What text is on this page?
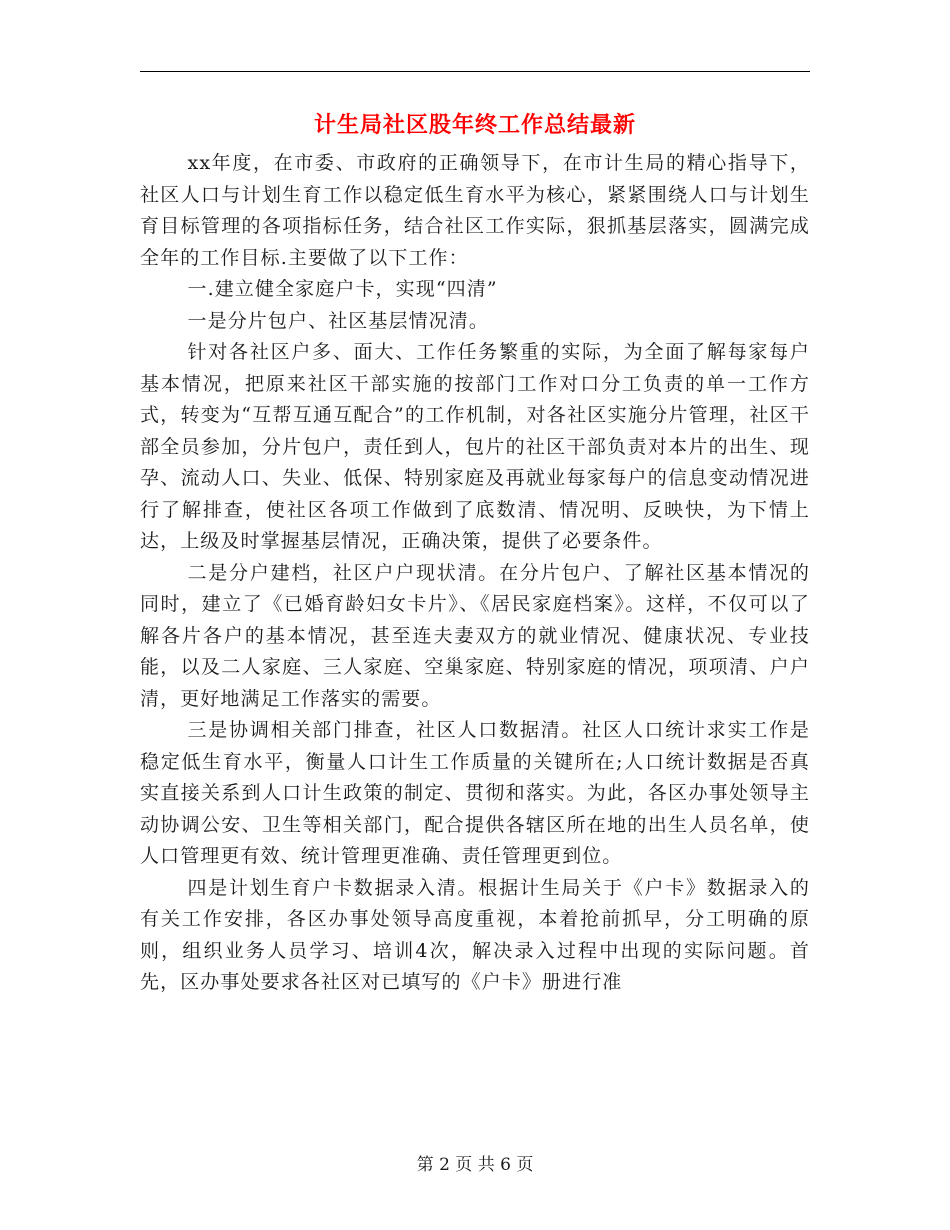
计生局社区股年终工作总结最新

xx年度，在市委、市政府的正确领导下，在市计生局的精心指导下，社区人口与计划生育工作以稳定低生育水平为核心，紧紧围绕人口与计划生育目标管理的各项指标任务，结合社区工作实际，狠抓基层落实，圆满完成全年的工作目标.主要做了以下工作：

一.建立健全家庭户卡，实现“四清”

一是分片包户、社区基层情况清。

针对各社区户多、面大、工作任务繁重的实际，为全面了解每家每户基本情况，把原来社区干部实施的按部门工作对口分工负责的单一工作方式，转变为“互帮互通互配合”的工作机制，对各社区实施分片管理，社区干部全员参加，分片包户，责任到人，包片的社区干部负责对本片的出生、现孕、流动人口、失业、低保、特别家庭及再就业每家每户的信息变动情况进行了解排查，使社区各项工作做到了底数清、情况明、反映快，为下情上达，上级及时掌握基层情况，正确决策，提供了必要条件。

二是分户建档，社区户户现状清。在分片包户、了解社区基本情况的同时，建立了《已婚育龄妇女卡片》、《居民家庭档案》。这样，不仅可以了解各片各户的基本情况，甚至连夫妻双方的就业情况、健康状况、专业技能，以及二人家庭、三人家庭、空巢家庭、特别家庭的情况，项项清、户户清，更好地满足工作落实的需要。

三是协调相关部门排查，社区人口数据清。社区人口统计求实工作是稳定低生育水平，衡量人口计生工作质量的关键所在;人口统计数据是否真实直接关系到人口计生政策的制定、贯彻和落实。为此，各区办事处领导主动协调公安、卫生等相关部门，配合提供各辖区所在地的出生人员名单，使人口管理更有效、统计管理更准确、责任管理更到位。

四是计划生育户卡数据录入清。根据计生局关于《户卡》数据录入的有关工作安排，各区办事处领导高度重视，本着抢前抓早，分工明确的原则，组织业务人员学习、培训4次，解决录入过程中出现的实际问题。首先，区办事处要求各社区对已填写的《户卡》册进行准

第 2 页 共 6 页
